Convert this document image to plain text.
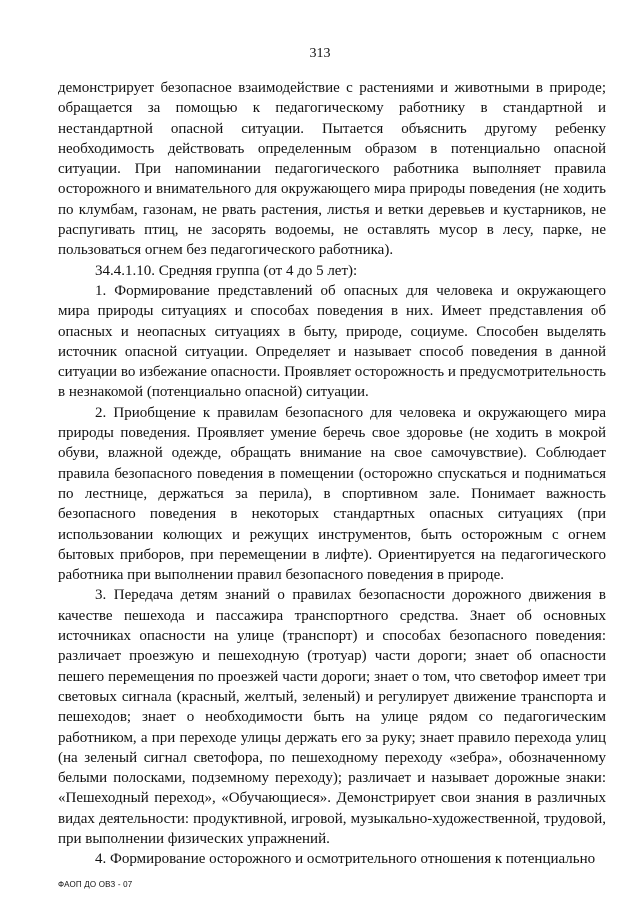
313

демонстрирует безопасное взаимодействие с растениями и животными в природе; обращается за помощью к педагогическому работнику в стандартной и нестандартной опасной ситуации. Пытается объяснить другому ребенку необходимость действовать определенным образом в потенциально опасной ситуации. При напоминании педагогического работника выполняет правила осторожного и внимательного для окружающего мира природы поведения (не ходить по клумбам, газонам, не рвать растения, листья и ветки деревьев и кустарников, не распугивать птиц, не засорять водоемы, не оставлять мусор в лесу, парке, не пользоваться огнем без педагогического работника).

34.4.1.10. Средняя группа (от 4 до 5 лет):

1. Формирование представлений об опасных для человека и окружающего мира природы ситуациях и способах поведения в них. Имеет представления об опасных и неопасных ситуациях в быту, природе, социуме. Способен выделять источник опасной ситуации. Определяет и называет способ поведения в данной ситуации во избежание опасности. Проявляет осторожность и предусмотрительность в незнакомой (потенциально опасной) ситуации.

2. Приобщение к правилам безопасного для человека и окружающего мира природы поведения. Проявляет умение беречь свое здоровье (не ходить в мокрой обуви, влажной одежде, обращать внимание на свое самочувствие). Соблюдает правила безопасного поведения в помещении (осторожно спускаться и подниматься по лестнице, держаться за перила), в спортивном зале. Понимает важность безопасного поведения в некоторых стандартных опасных ситуациях (при использовании колющих и режущих инструментов, быть осторожным с огнем бытовых приборов, при перемещении в лифте). Ориентируется на педагогического работника при выполнении правил безопасного поведения в природе.

3. Передача детям знаний о правилах безопасности дорожного движения в качестве пешехода и пассажира транспортного средства. Знает об основных источниках опасности на улице (транспорт) и способах безопасного поведения: различает проезжую и пешеходную (тротуар) части дороги; знает об опасности пешего перемещения по проезжей части дороги; знает о том, что светофор имеет три световых сигнала (красный, желтый, зеленый) и регулирует движение транспорта и пешеходов; знает о необходимости быть на улице рядом со педагогическим работником, а при переходе улицы держать его за руку; знает правило перехода улиц (на зеленый сигнал светофора, по пешеходному переходу «зебра», обозначенному белыми полосками, подземному переходу); различает и называет дорожные знаки: «Пешеходный переход», «Обучающиеся». Демонстрирует свои знания в различных видах деятельности: продуктивной, игровой, музыкально-художественной, трудовой, при выполнении физических упражнений.

4. Формирование осторожного и осмотрительного отношения к потенциально

ФАОП ДО ОВЗ - 07
